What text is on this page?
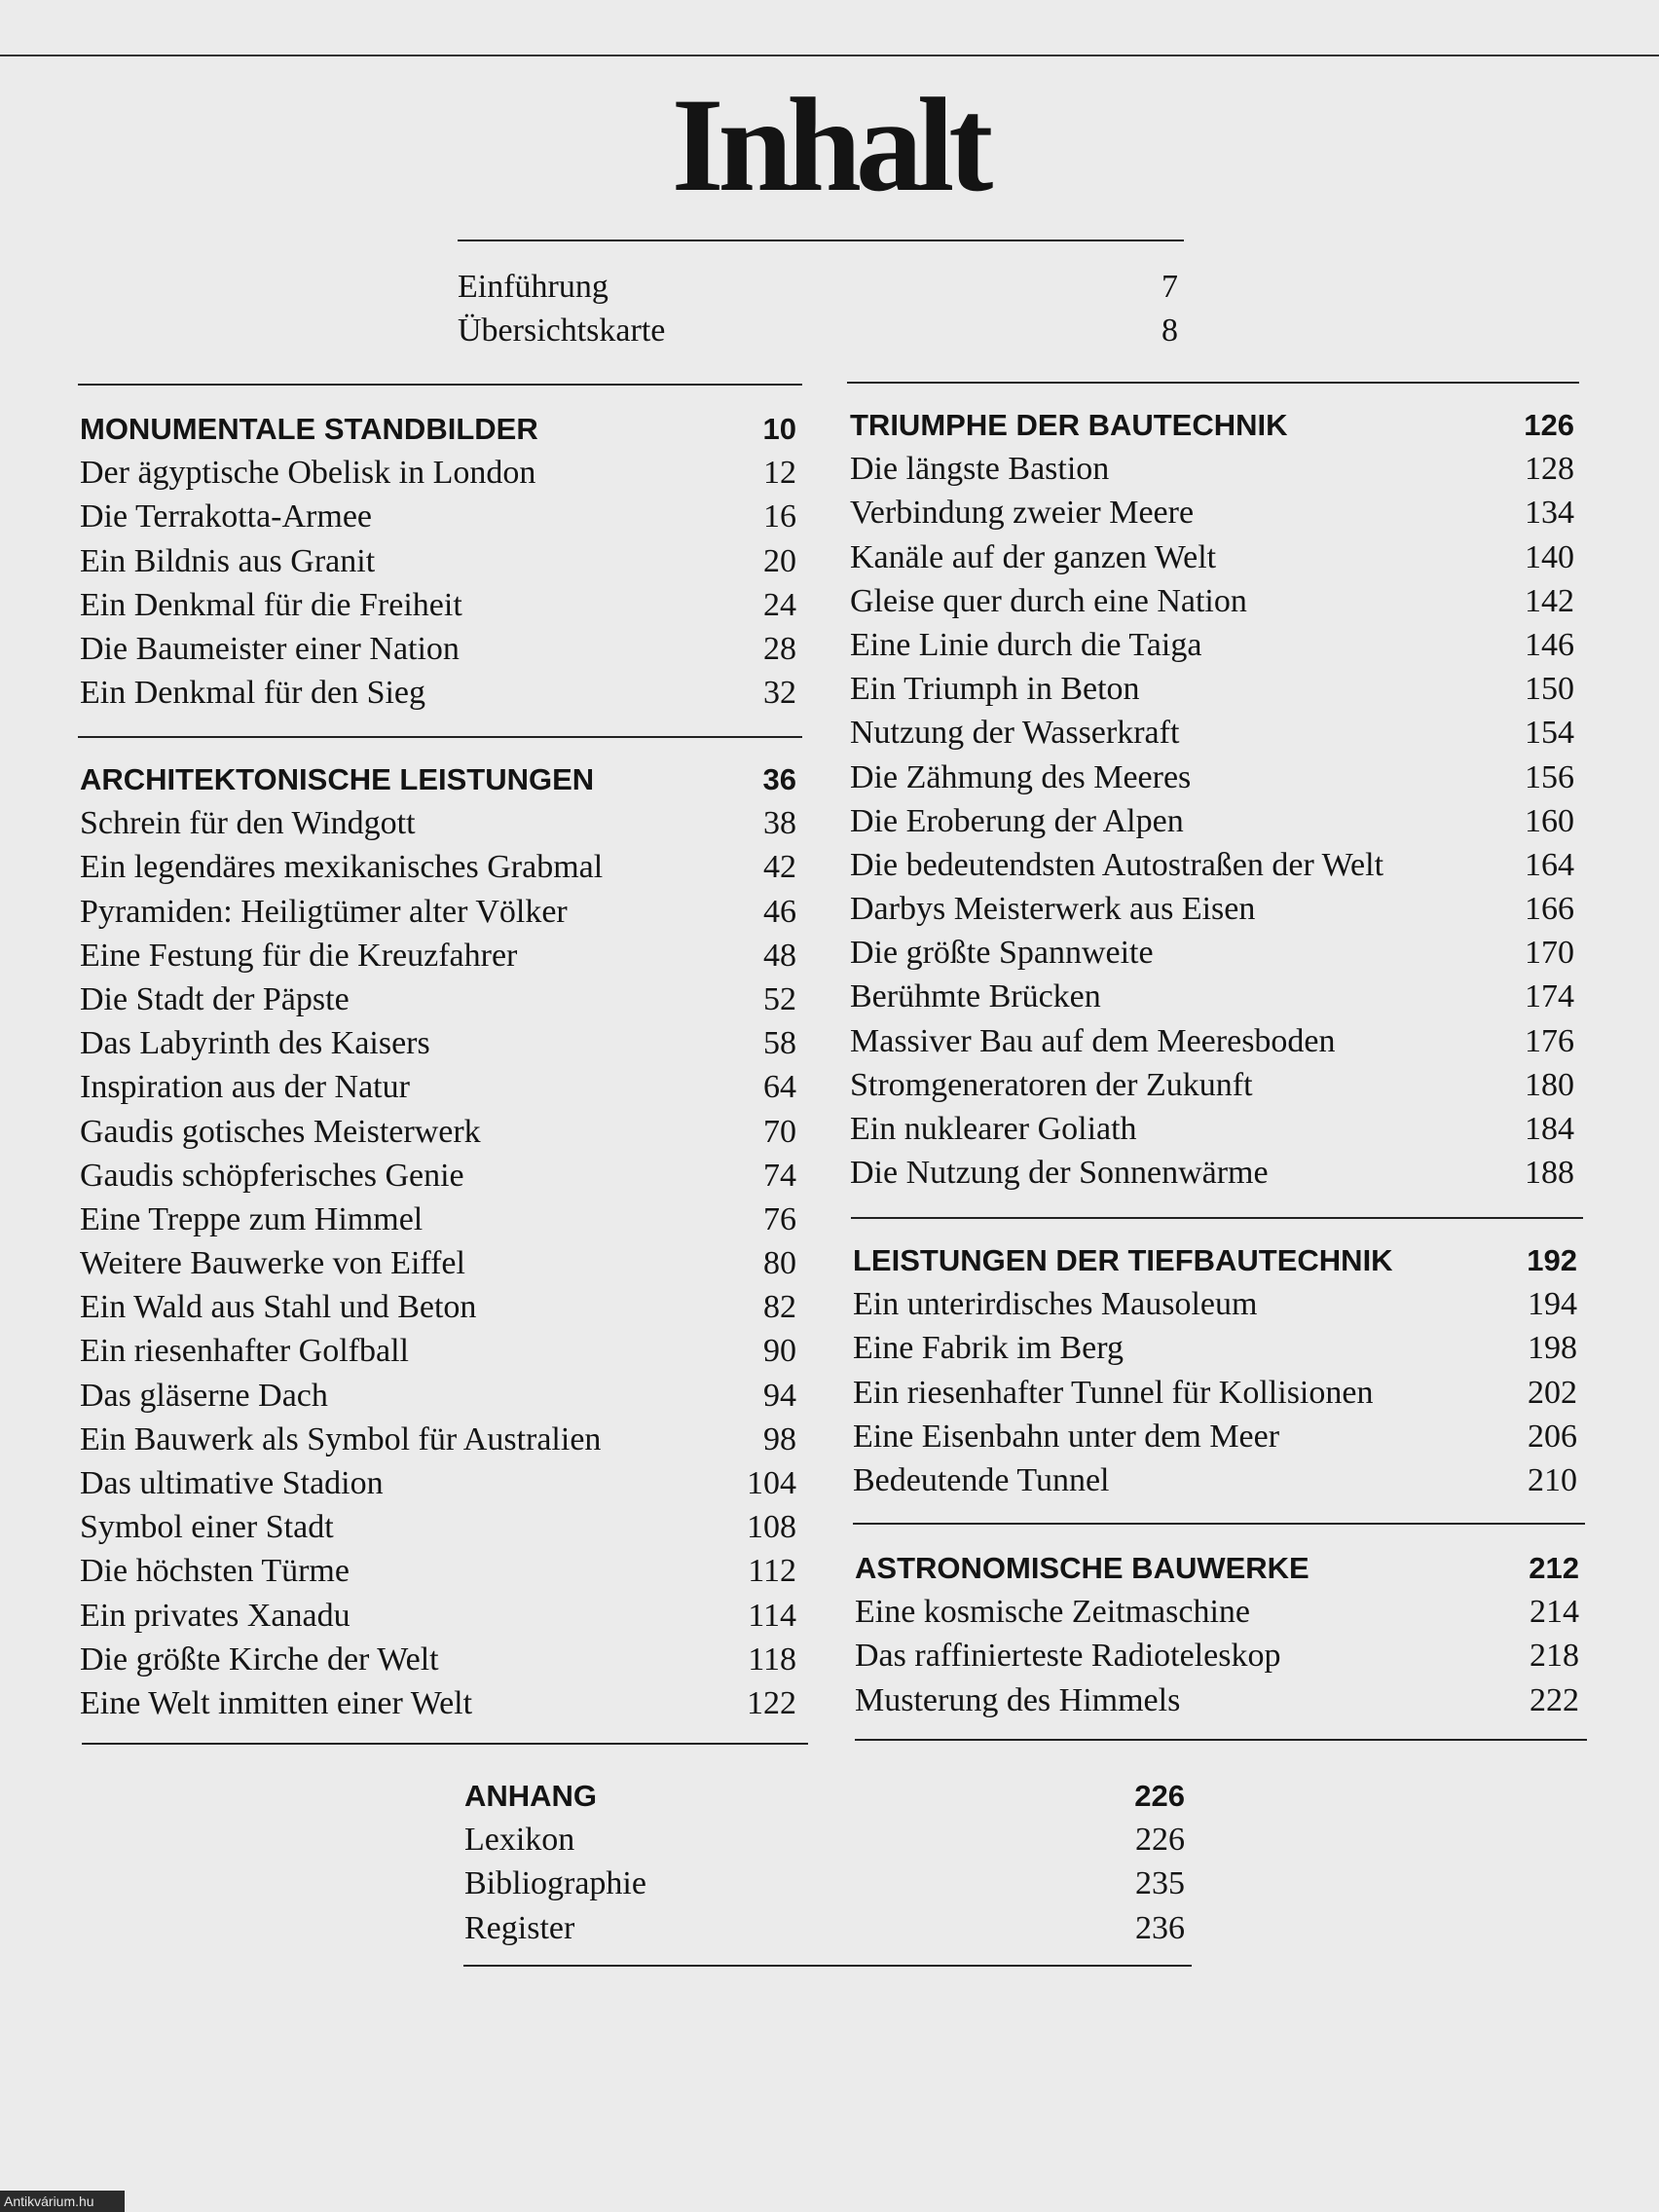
Inhalt
Einführung	7
Übersichtskarte	8
MONUMENTALE STANDBILDER	10
Der ägyptische Obelisk in London	12
Die Terrakotta-Armee	16
Ein Bildnis aus Granit	20
Ein Denkmal für die Freiheit	24
Die Baumeister einer Nation	28
Ein Denkmal für den Sieg	32
ARCHITEKTONISCHE LEISTUNGEN	36
Schrein für den Windgott	38
Ein legendäres mexikanisches Grabmal	42
Pyramiden: Heiligtümer alter Völker	46
Eine Festung für die Kreuzfahrer	48
Die Stadt der Päpste	52
Das Labyrinth des Kaisers	58
Inspiration aus der Natur	64
Gaudis gotisches Meisterwerk	70
Gaudis schöpferisches Genie	74
Eine Treppe zum Himmel	76
Weitere Bauwerke von Eiffel	80
Ein Wald aus Stahl und Beton	82
Ein riesenhafter Golfball	90
Das gläserne Dach	94
Ein Bauwerk als Symbol für Australien	98
Das ultimative Stadion	104
Symbol einer Stadt	108
Die höchsten Türme	112
Ein privates Xanadu	114
Die größte Kirche der Welt	118
Eine Welt inmitten einer Welt	122
TRIUMPHE DER BAUTECHNIK	126
Die längste Bastion	128
Verbindung zweier Meere	134
Kanäle auf der ganzen Welt	140
Gleise quer durch eine Nation	142
Eine Linie durch die Taiga	146
Ein Triumph in Beton	150
Nutzung der Wasserkraft	154
Die Zähmung des Meeres	156
Die Eroberung der Alpen	160
Die bedeutendsten Autostraßen der Welt	164
Darbys Meisterwerk aus Eisen	166
Die größte Spannweite	170
Berühmte Brücken	174
Massiver Bau auf dem Meeresboden	176
Stromgeneratoren der Zukunft	180
Ein nuklearer Goliath	184
Die Nutzung der Sonnenwärme	188
LEISTUNGEN DER TIEFBAUTECHNIK	192
Ein unterirdisches Mausoleum	194
Eine Fabrik im Berg	198
Ein riesenhafter Tunnel für Kollisionen	202
Eine Eisenbahn unter dem Meer	206
Bedeutende Tunnel	210
ASTRONOMISCHE BAUWERKE	212
Eine kosmische Zeitmaschine	214
Das raffinierteste Radioteleskop	218
Musterung des Himmels	222
ANHANG	226
Lexikon	226
Bibliographie	235
Register	236
Antikvárium.hu
